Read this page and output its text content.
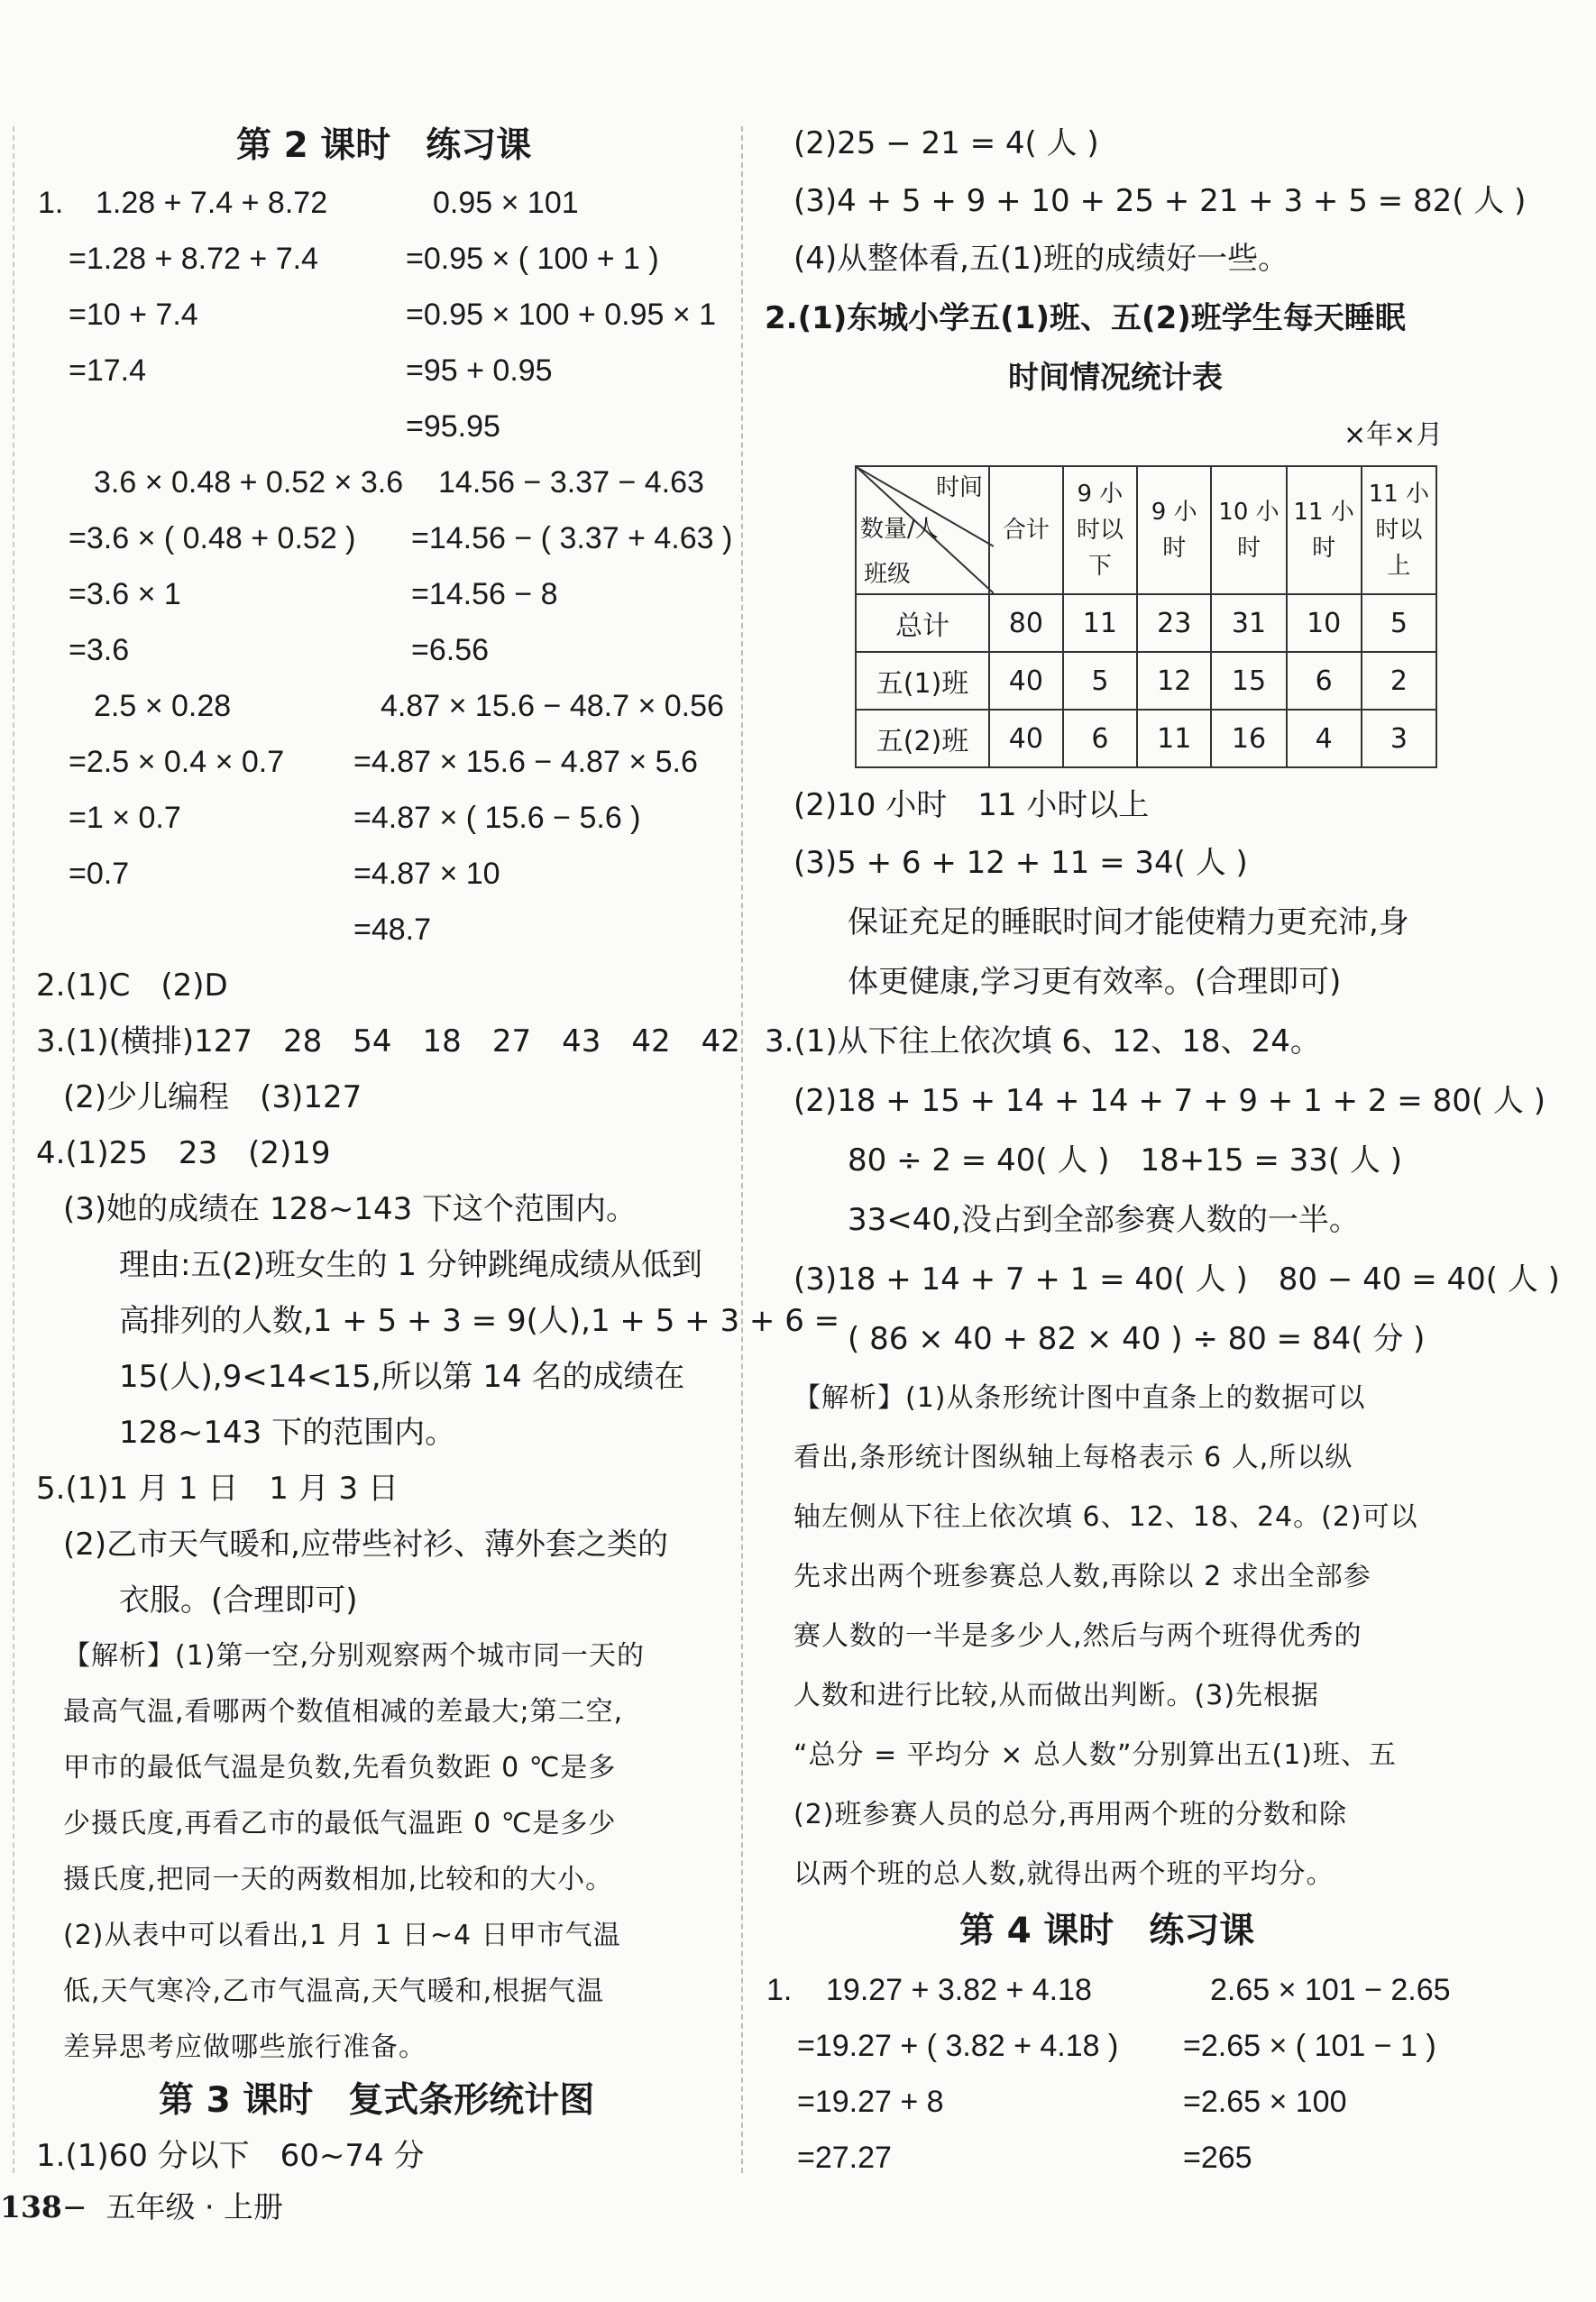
第 2 课时　练习课
1. 1.28 + 7.4 + 8.72
=1.28 + 8.72 + 7.4
=10 + 7.4
=17.4
0.95 × 101
=0.95 × ( 100 + 1 )
=0.95 × 100 + 0.95 × 1
=95 + 0.95
=95.95
3.6 × 0.48 + 0.52 × 3.6
=3.6 × ( 0.48 + 0.52 )
=3.6 × 1
=3.6
14.56 − 3.37 − 4.63
=14.56 − ( 3.37 + 4.63 )
=14.56 − 8
=6.56
2.5 × 0.28
=2.5 × 0.4 × 0.7
=1 × 0.7
=0.7
4.87 × 15.6 − 48.7 × 0.56
=4.87 × 15.6 − 4.87 × 5.6
=4.87 × ( 15.6 − 5.6 )
=4.87 × 10
=48.7
2.(1)C　(2)D
3.(1)(横排)127　28　54　18　27　43　42　42
(2)少儿编程　(3)127
4.(1)25　23　(2)19
(3)她的成绩在 128~143 下这个范围内。
理由:五(2)班女生的 1 分钟跳绳成绩从低到
高排列的人数,1 + 5 + 3 = 9(人),1 + 5 + 3 + 6 =
15(人),9<14<15,所以第 14 名的成绩在
128~143 下的范围内。
5.(1)1 月 1 日　1 月 3 日
(2)乙市天气暖和,应带些衬衫、薄外套之类的
衣服。(合理即可)
【解析】(1)第一空,分别观察两个城市同一天的
最高气温,看哪两个数值相减的差最大;第二空,
甲市的最低气温是负数,先看负数距 0 ℃是多
少摄氏度,再看乙市的最低气温距 0 ℃是多少
摄氏度,把同一天的两数相加,比较和的大小。
(2)从表中可以看出,1 月 1 日~4 日甲市气温
低,天气寒冷,乙市气温高,天气暖和,根据气温
差异思考应做哪些旅行准备。
第 3 课时　复式条形统计图
1.(1)60 分以下　60~74 分
(2)25 − 21 = 4( 人 )
(3)4 + 5 + 9 + 10 + 25 + 21 + 3 + 5 = 82( 人 )
(4)从整体看,五(1)班的成绩好一些。
2.(1)东城小学五(1)班、五(2)班学生每天睡眠
时间情况统计表
×年×月
时间
数量/人
班级	合计	9 小
时以
下	9 小
时	10 小
时	11 小
时	11 小
时以
上
总计	80	11	23	31	10	5
五(1)班	40	5	12	15	6	2
五(2)班	40	6	11	16	4	3
(2)10 小时　11 小时以上
(3)5 + 6 + 12 + 11 = 34( 人 )
保证充足的睡眠时间才能使精力更充沛,身
体更健康,学习更有效率。(合理即可)
3.(1)从下往上依次填 6、12、18、24。
(2)18 + 15 + 14 + 14 + 7 + 9 + 1 + 2 = 80( 人 )
80 ÷ 2 = 40( 人 )　18+15 = 33( 人 )
33<40,没占到全部参赛人数的一半。
(3)18 + 14 + 7 + 1 = 40( 人 )　80 − 40 = 40( 人 )
( 86 × 40 + 82 × 40 ) ÷ 80 = 84( 分 )
【解析】(1)从条形统计图中直条上的数据可以
看出,条形统计图纵轴上每格表示 6 人,所以纵
轴左侧从下往上依次填 6、12、18、24。(2)可以
先求出两个班参赛总人数,再除以 2 求出全部参
赛人数的一半是多少人,然后与两个班得优秀的
人数和进行比较,从而做出判断。(3)先根据
“总分 = 平均分 × 总人数”分别算出五(1)班、五
(2)班参赛人员的总分,再用两个班的分数和除
以两个班的总人数,就得出两个班的平均分。
第 4 课时　练习课
1. 19.27 + 3.82 + 4.18
=19.27 + ( 3.82 + 4.18 )
=19.27 + 8
=27.27
2.65 × 101 − 2.65
=2.65 × ( 101 − 1 )
=2.65 × 100
=265
138− 五年级 · 上册
